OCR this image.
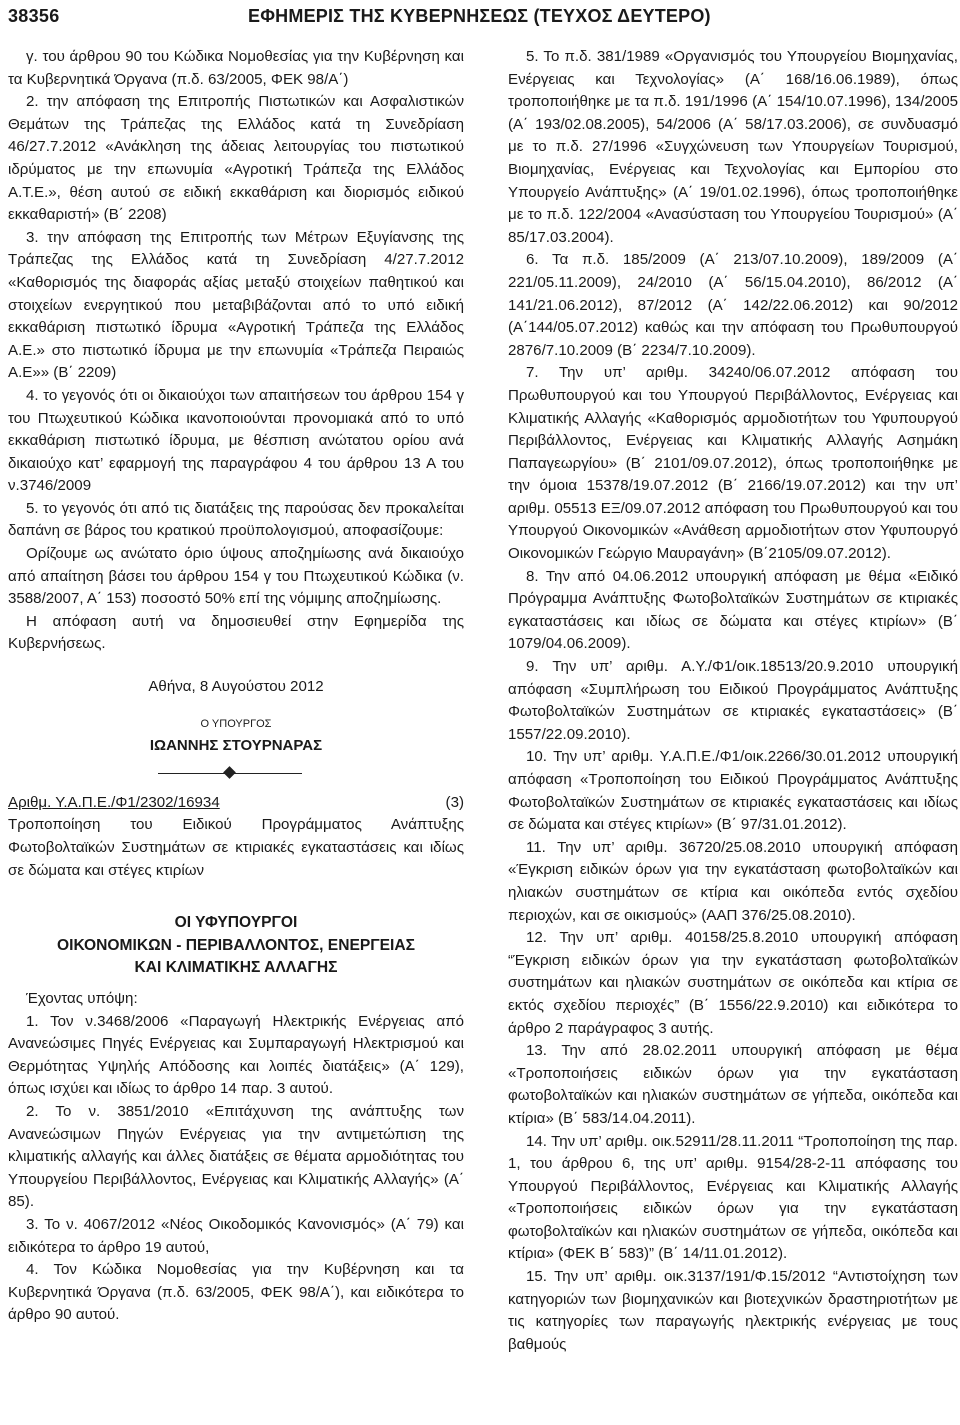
38356	ΕΦΗΜΕΡΙΣ ΤΗΣ ΚΥΒΕΡΝΗΣΕΩΣ (ΤΕΥΧΟΣ ΔΕΥΤΕΡΟ)

γ. του άρθρου 90 του Κώδικα Νομοθεσίας για την Κυβέρνηση και τα Κυβερνητικά Όργανα (π.δ. 63/2005, ΦΕΚ 98/Α΄)

2. την απόφαση της Επιτροπής Πιστωτικών και Ασφαλιστικών Θεμάτων της Τράπεζας της Ελλάδος κατά τη Συνεδρίαση 46/27.7.2012 «Ανάκληση της άδειας λειτουργίας του πιστωτικού ιδρύματος με την επωνυμία «Αγροτική Τράπεζα της Ελλάδος Α.Τ.Ε.», θέση αυτού σε ειδική εκκαθάριση και διορισμός ειδικού εκκαθαριστή» (Β΄ 2208)

3. την απόφαση της Επιτροπής των Μέτρων Εξυγίανσης της Τράπεζας της Ελλάδος κατά τη Συνεδρίαση 4/27.7.2012 «Καθορισμός της διαφοράς αξίας μεταξύ στοιχείων παθητικού και στοιχείων ενεργητικού που μεταβιβάζονται από το υπό ειδική εκκαθάριση πιστωτικό ίδρυμα «Αγροτική Τράπεζα της Ελλάδος Α.Ε.» στο πιστωτικό ίδρυμα με την επωνυμία «Τράπεζα Πειραιώς Α.Ε»» (Β΄ 2209)

4. το γεγονός ότι οι δικαιούχοι των απαιτήσεων του άρθρου 154 γ του Πτωχευτικού Κώδικα ικανοποιούνται προνομιακά από το υπό εκκαθάριση πιστωτικό ίδρυμα, με θέσπιση ανώτατου ορίου ανά δικαιούχο κατ’ εφαρμογή της παραγράφου 4 του άρθρου 13 Α του ν.3746/2009

5. το γεγονός ότι από τις διατάξεις της παρούσας δεν προκαλείται δαπάνη σε βάρος του κρατικού προϋπολογισμού, αποφασίζουμε:

Ορίζουμε ως ανώτατο όριο ύψους αποζημίωσης ανά δικαιούχο από απαίτηση βάσει του άρθρου 154 γ του Πτωχευτικού Κώδικα (ν. 3588/2007, Α΄ 153) ποσοστό 50% επί της νόμιμης αποζημίωσης.

Η απόφαση αυτή να δημοσιευθεί στην Εφημερίδα της Κυβερνήσεως.

Αθήνα, 8 Αυγούστου 2012

Ο ΥΠΟΥΡΓΟΣ
ΙΩΑΝΝΗΣ ΣΤΟΥΡΝΑΡΑΣ
Αριθμ. Υ.Α.Π.Ε./Φ1/2302/16934	(3)

Τροποποίηση του Ειδικού Προγράμματος Ανάπτυξης Φωτοβολταϊκών Συστημάτων σε κτιριακές εγκαταστάσεις και ιδίως σε δώματα και στέγες κτιρίων

ΟΙ ΥΦΥΠΟΥΡΓΟΙ
ΟΙΚΟΝΟΜΙΚΩΝ - ΠΕΡΙΒΑΛΛΟΝΤΟΣ, ΕΝΕΡΓΕΙΑΣ
ΚΑΙ ΚΛΙΜΑΤΙΚΗΣ ΑΛΛΑΓΗΣ

Έχοντας υπόψη:

1. Τον ν.3468/2006 «Παραγωγή Ηλεκτρικής Ενέργειας από Ανανεώσιμες Πηγές Ενέργειας και Συμπαραγωγή Ηλεκτρισμού και Θερμότητας Υψηλής Απόδοσης και λοιπές διατάξεις» (Α΄ 129), όπως ισχύει και ιδίως το άρθρο 14 παρ. 3 αυτού.

2. Το ν. 3851/2010 «Επιτάχυνση της ανάπτυξης των Ανανεώσιμων Πηγών Ενέργειας για την αντιμετώπιση της κλιματικής αλλαγής και άλλες διατάξεις σε θέματα αρμοδιότητας του Υπουργείου Περιβάλλοντος, Ενέργειας και Κλιματικής Αλλαγής» (Α΄ 85).

3. Το ν. 4067/2012 «Νέος Οικοδομικός Κανονισμός» (Α΄ 79) και ειδικότερα το άρθρο 19 αυτού,

4. Τον Κώδικα Νομοθεσίας για την Κυβέρνηση και τα Κυβερνητικά Όργανα (π.δ. 63/2005, ΦΕΚ 98/Α΄), και ειδικότερα το άρθρο 90 αυτού.

5. Το π.δ. 381/1989 «Οργανισμός του Υπουργείου Βιομηχανίας, Ενέργειας και Τεχνολογίας» (Α΄ 168/16.06.1989), όπως τροποποιήθηκε με τα π.δ. 191/1996 (Α΄ 154/10.07.1996), 134/2005 (Α΄ 193/02.08.2005), 54/2006 (Α΄ 58/17.03.2006), σε συνδυασμό με το π.δ. 27/1996 «Συγχώνευση των Υπουργείων Τουρισμού, Βιομηχανίας, Ενέργειας και Τεχνολογίας και Εμπορίου στο Υπουργείο Ανάπτυξης» (Α΄ 19/01.02.1996), όπως τροποποιήθηκε με το π.δ. 122/2004 «Ανασύσταση του Υπουργείου Τουρισμού» (Α΄ 85/17.03.2004).

6. Τα π.δ. 185/2009 (Α΄ 213/07.10.2009), 189/2009 (Α΄ 221/05.11.2009), 24/2010 (Α΄ 56/15.04.2010), 86/2012 (Α΄ 141/21.06.2012), 87/2012 (Α΄ 142/22.06.2012) και 90/2012 (Α΄144/05.07.2012) καθώς και την απόφαση του Πρωθυπουργού 2876/7.10.2009 (Β΄ 2234/7.10.2009).

7. Την υπ’ αριθμ. 34240/06.07.2012 απόφαση του Πρωθυπουργού και του Υπουργού Περιβάλλοντος, Ενέργειας και Κλιματικής Αλλαγής «Καθορισμός αρμοδιοτήτων του Υφυπουργού Περιβάλλοντος, Ενέργειας και Κλιματικής Αλλαγής Ασημάκη Παπαγεωργίου» (Β΄ 2101/09.07.2012), όπως τροποποιήθηκε με την όμοια 15378/19.07.2012 (Β΄ 2166/19.07.2012) και την υπ’ αριθμ. 05513 ΕΞ/09.07.2012 απόφαση του Πρωθυπουργού και του Υπουργού Οικονομικών «Ανάθεση αρμοδιοτήτων στον Υφυπουργό Οικονομικών Γεώργιο Μαυραγάνη» (Β΄2105/09.07.2012).

8. Την από 04.06.2012 υπουργική απόφαση με θέμα «Ειδικό Πρόγραμμα Ανάπτυξης Φωτοβολταϊκών Συστημάτων σε κτιριακές εγκαταστάσεις και ιδίως σε δώματα και στέγες κτιρίων» (Β΄ 1079/04.06.2009).

9. Την υπ’ αριθμ. Α.Υ./Φ1/οικ.18513/20.9.2010 υπουργική απόφαση «Συμπλήρωση του Ειδικού Προγράμματος Ανάπτυξης Φωτοβολταϊκών Συστημάτων σε κτιριακές εγκαταστάσεις» (Β΄ 1557/22.09.2010).

10. Την υπ’ αριθμ. Υ.Α.Π.Ε./Φ1/οικ.2266/30.01.2012 υπουργική απόφαση «Τροποποίηση του Ειδικού Προγράμματος Ανάπτυξης Φωτοβολταϊκών Συστημάτων σε κτιριακές εγκαταστάσεις και ιδίως σε δώματα και στέγες κτιρίων» (Β΄ 97/31.01.2012).

11. Την υπ’ αριθμ. 36720/25.08.2010 υπουργική απόφαση «Έγκριση ειδικών όρων για την εγκατάσταση φωτοβολταϊκών και ηλιακών συστημάτων σε κτίρια και οικόπεδα εντός σχεδίου περιοχών, και σε οικισμούς» (ΑΑΠ 376/25.08.2010).

12. Την υπ’ αριθμ. 40158/25.8.2010 υπουργική απόφαση “Έγκριση ειδικών όρων για την εγκατάσταση φωτοβολταϊκών συστημάτων και ηλιακών συστημάτων σε οικόπεδα και κτίρια σε εκτός σχεδίου περιοχές” (Β΄ 1556/22.9.2010) και ειδικότερα το άρθρο 2 παράγραφος 3 αυτής.

13. Την από 28.02.2011 υπουργική απόφαση με θέμα «Τροποποιήσεις ειδικών όρων για την εγκατάσταση φωτοβολταϊκών και ηλιακών συστημάτων σε γήπεδα, οικόπεδα και κτίρια» (Β΄ 583/14.04.2011).

14. Την υπ’ αριθμ. οικ.52911/28.11.2011 “Τροποποίηση της παρ. 1, του άρθρου 6, της υπ’ αριθμ. 9154/28-2-11 απόφασης του Υπουργού Περιβάλλοντος, Ενέργειας και Κλιματικής Αλλαγής «Τροποποιήσεις ειδικών όρων για την εγκατάσταση φωτοβολταϊκών και ηλιακών συστημάτων σε γήπεδα, οικόπεδα και κτίρια» (ΦΕΚ Β΄ 583)” (Β΄ 14/11.01.2012).

15. Την υπ’ αριθμ. οικ.3137/191/Φ.15/2012 “Αντιστοίχηση των κατηγοριών των βιομηχανικών και βιοτεχνικών δραστηριοτήτων με τις κατηγορίες των παραγωγής ηλεκτρικής ενέργειας με τους βαθμούς
